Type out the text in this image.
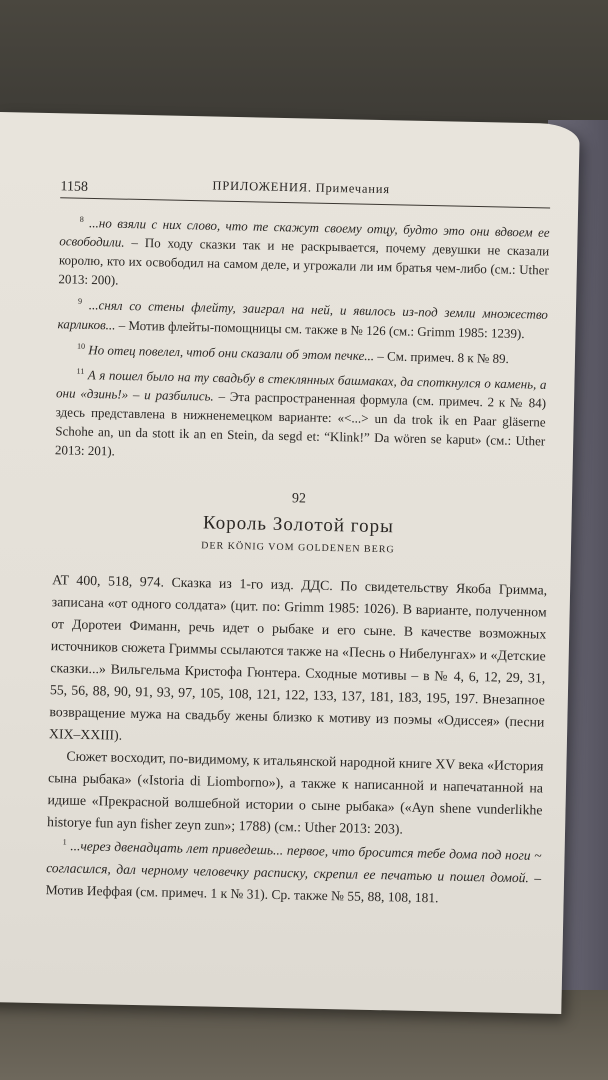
1158	ПРИЛОЖЕНИЯ. Примечания

$^8$ ...но взяли с них слово, что те скажут своему отцу, будто это они вдвоем ее освободили. – По ходу сказки так и не раскрывается, почему девушки не сказали королю, кто их освободил на самом деле, и угрожали ли им братья чем-либо (см.: Uther 2013: 200).

$^9$ ...снял со стены флейту, заиграл на ней, и явилось из-под земли множество карликов... – Мотив флейты-помощницы см. также в № 126 (см.: Grimm 1985: 1239).

$^{10}$ Но отец повелел, чтоб они сказали об этом печке... – См. примеч. 8 к № 89.

$^{11}$ А я пошел было на ту свадьбу в стеклянных башмаках, да споткнулся о камень, а они «дзинь!» – и разбились. – Эта распространенная формула (см. примеч. 2 к № 84) здесь представлена в нижненемецком варианте: «<...> un da trok ik en Paar gläserne Schohe an, un da stott ik an en Stein, da segd et: “Klink!” Da wören se kaput» (см.: Uther 2013: 201).

92
Король Золотой горы
DER KÖNIG VOM GOLDENEN BERG

AT 400, 518, 974. Сказка из 1-го изд. ДДС. По свидетельству Якоба Гримма, записана «от одного солдата» (цит. по: Grimm 1985: 1026). В варианте, полученном от Доротеи Фиманн, речь идет о рыбаке и его сыне. В качестве возможных источников сюжета Гриммы ссылаются также на «Песнь о Нибелунгах» и «Детские сказки...» Вильгельма Кристофа Гюнтера. Сходные мотивы – в № 4, 6, 12, 29, 31, 55, 56, 88, 90, 91, 93, 97, 105, 108, 121, 122, 133, 137, 181, 183, 195, 197. Внезапное возвращение мужа на свадьбу жены близко к мотиву из поэмы «Одиссея» (песни XIX–XXIII).

Сюжет восходит, по-видимому, к итальянской народной книге XV века «История сына рыбака» («Istoria di Liomborno»), а также к написанной и напечатанной на идише «Прекрасной волшебной истории о сыне рыбака» («Ayn shene vunderlikhe historye fun ayn fisher zeyn zun»; 1788) (см.: Uther 2013: 203).

$^1$ ...через двенадцать лет приведешь... первое, что бросится тебе дома под ноги ~ согласился, дал черному человечку расписку, скрепил ее печатью и пошел домой. – Мотив Иеффая (см. примеч. 1 к № 31). Ср. также № 55, 88, 108, 181.
